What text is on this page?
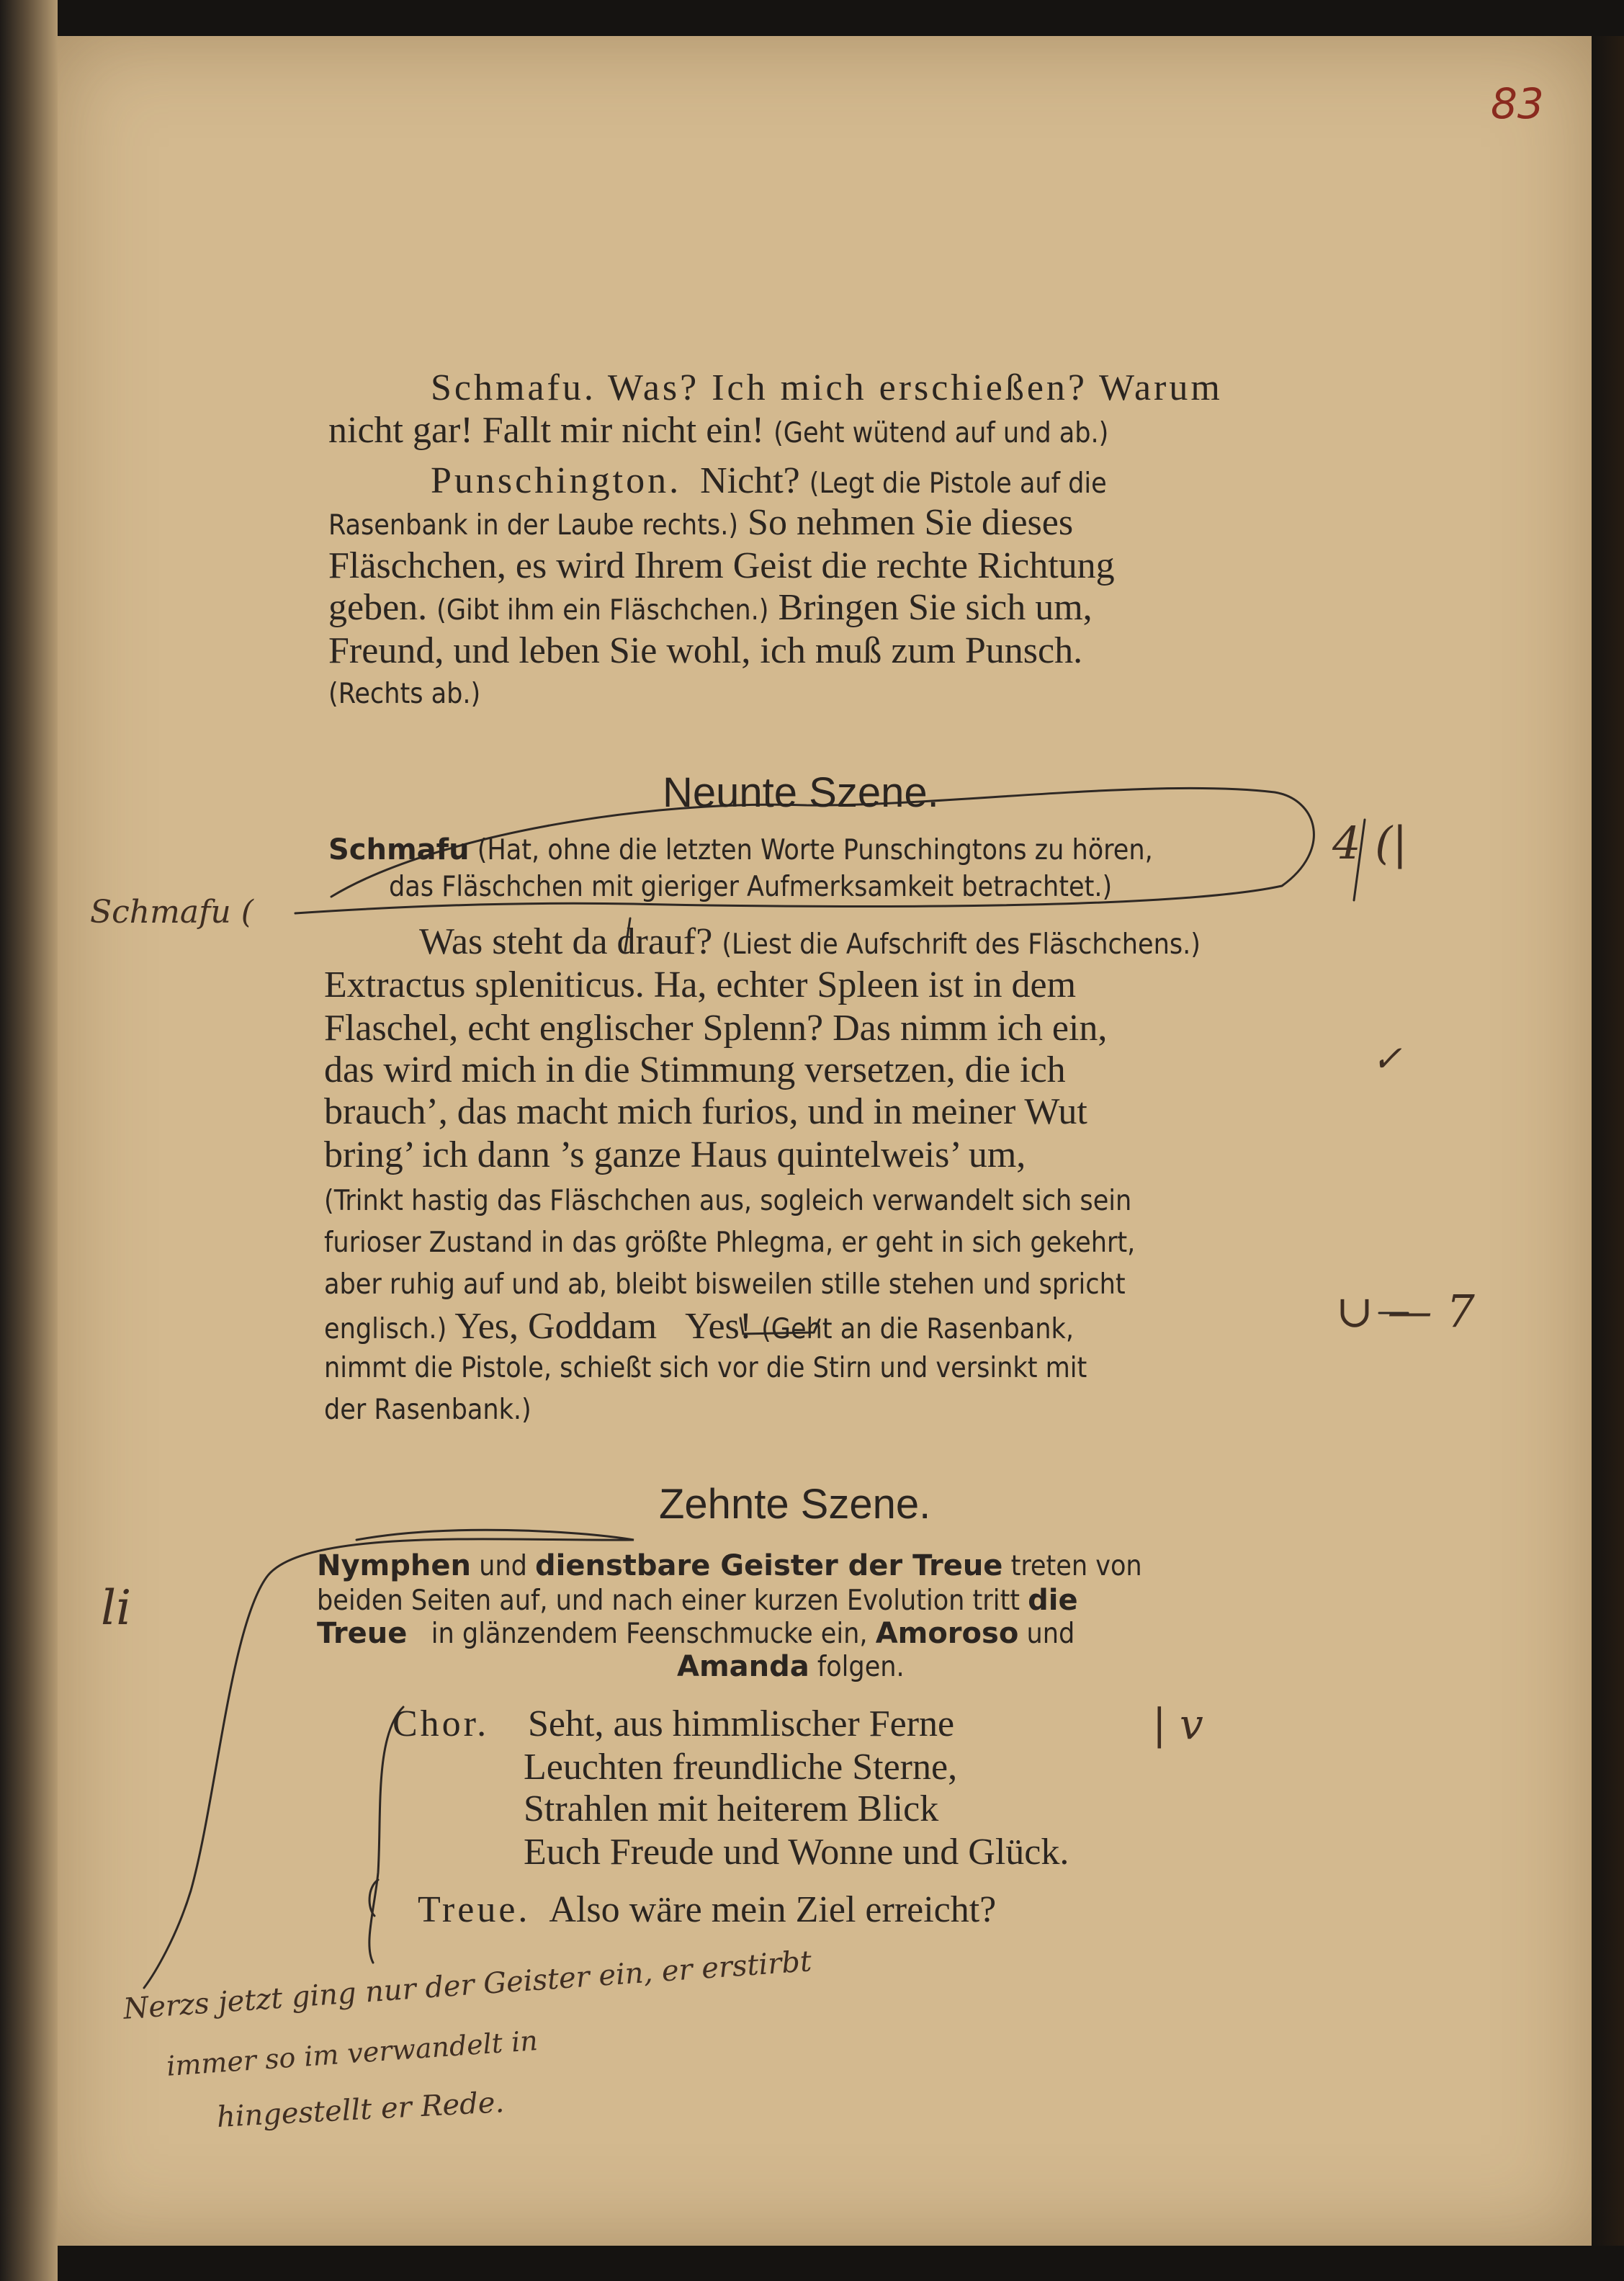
83
Schmafu. Was? Ich mich erschießen? Warum
nicht gar! Fallt mir nicht ein! (Geht wütend auf und ab.)
Punschington. Nicht? (Legt die Pistole auf die
Rasenbank in der Laube rechts.) So nehmen Sie dieses
Fläschchen, es wird Ihrem Geist die rechte Richtung
geben. (Gibt ihm ein Fläschchen.) Bringen Sie sich um,
Freund, und leben Sie wohl, ich muß zum Punsch.
(Rechts ab.)
Neunte Szene.
Schmafu (Hat, ohne die letzten Worte Punschingtons zu hören,
das Fläschchen mit gieriger Aufmerksamkeit betrachtet.)
Was steht da drauf? (Liest die Aufschrift des Fläschchens.)
Extractus spleniticus. Ha, echter Spleen ist in dem
Flaschel, echt englischer Splenn? Das nimm ich ein,
das wird mich in die Stimmung versetzen, die ich
brauch’, das macht mich furios, und in meiner Wut
bring’ ich dann ’s ganze Haus quintelweis’ um,
(Trinkt hastig das Fläschchen aus, sogleich verwandelt sich sein
furioser Zustand in das größte Phlegma, er geht in sich gekehrt,
aber ruhig auf und ab, bleibt bisweilen stille stehen und spricht
englisch.) Yes, Goddam Yes! (Geht an die Rasenbank,
nimmt die Pistole, schießt sich vor die Stirn und versinkt mit
der Rasenbank.)
Zehnte Szene.
Nymphen und dienstbare Geister der Treue treten von
beiden Seiten auf, und nach einer kurzen Evolution tritt die
Treue in glänzendem Feenschmucke ein, Amoroso und
Amanda folgen.
Chor. Seht, aus himmlischer Ferne
Leuchten freundliche Sterne,
Strahlen mit heiterem Blick
Euch Freude und Wonne und Glück.
Treue. Also wäre mein Ziel erreicht?
4 (|
Schmafu (
✓
∪ — 7
| v
li
Nerzs jetzt ging nur der Geister ein, er erstirbt
immer so im verwandelt in
hingestellt er Rede.
